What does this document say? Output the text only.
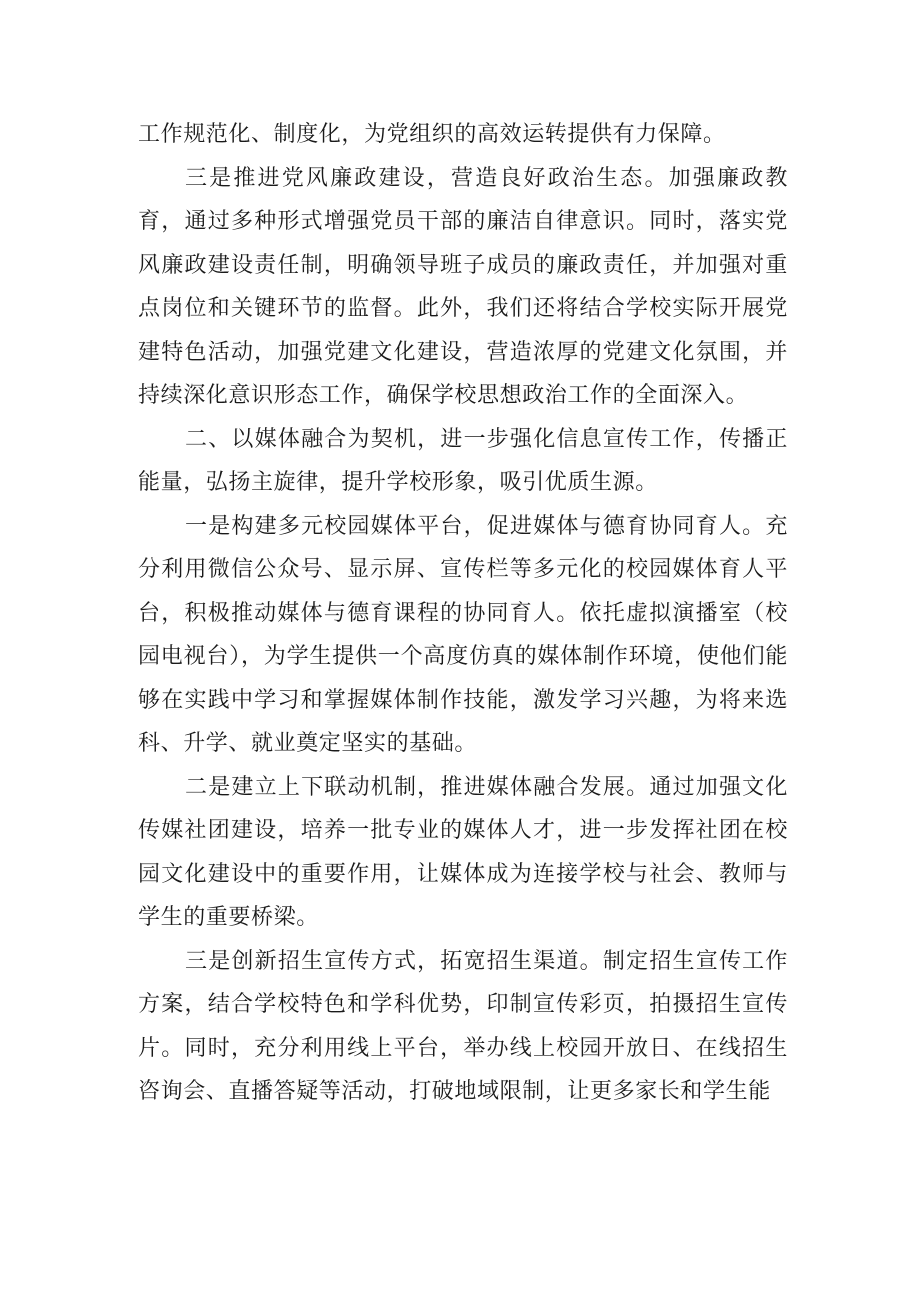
工作规范化、制度化，为党组织的高效运转提供有力保障。

三是推进党风廉政建设，营造良好政治生态。加强廉政教育，通过多种形式增强党员干部的廉洁自律意识。同时，落实党风廉政建设责任制，明确领导班子成员的廉政责任，并加强对重点岗位和关键环节的监督。此外，我们还将结合学校实际开展党建特色活动，加强党建文化建设，营造浓厚的党建文化氛围，并持续深化意识形态工作，确保学校思想政治工作的全面深入。

二、以媒体融合为契机，进一步强化信息宣传工作，传播正能量，弘扬主旋律，提升学校形象，吸引优质生源。

一是构建多元校园媒体平台，促进媒体与德育协同育人。充分利用微信公众号、显示屏、宣传栏等多元化的校园媒体育人平台，积极推动媒体与德育课程的协同育人。依托虚拟演播室（校园电视台），为学生提供一个高度仿真的媒体制作环境，使他们能够在实践中学习和掌握媒体制作技能，激发学习兴趣，为将来选科、升学、就业奠定坚实的基础。

二是建立上下联动机制，推进媒体融合发展。通过加强文化传媒社团建设，培养一批专业的媒体人才，进一步发挥社团在校园文化建设中的重要作用，让媒体成为连接学校与社会、教师与学生的重要桥梁。

三是创新招生宣传方式，拓宽招生渠道。制定招生宣传工作方案，结合学校特色和学科优势，印制宣传彩页，拍摄招生宣传片。同时，充分利用线上平台，举办线上校园开放日、在线招生咨询会、直播答疑等活动，打破地域限制，让更多家长和学生能
